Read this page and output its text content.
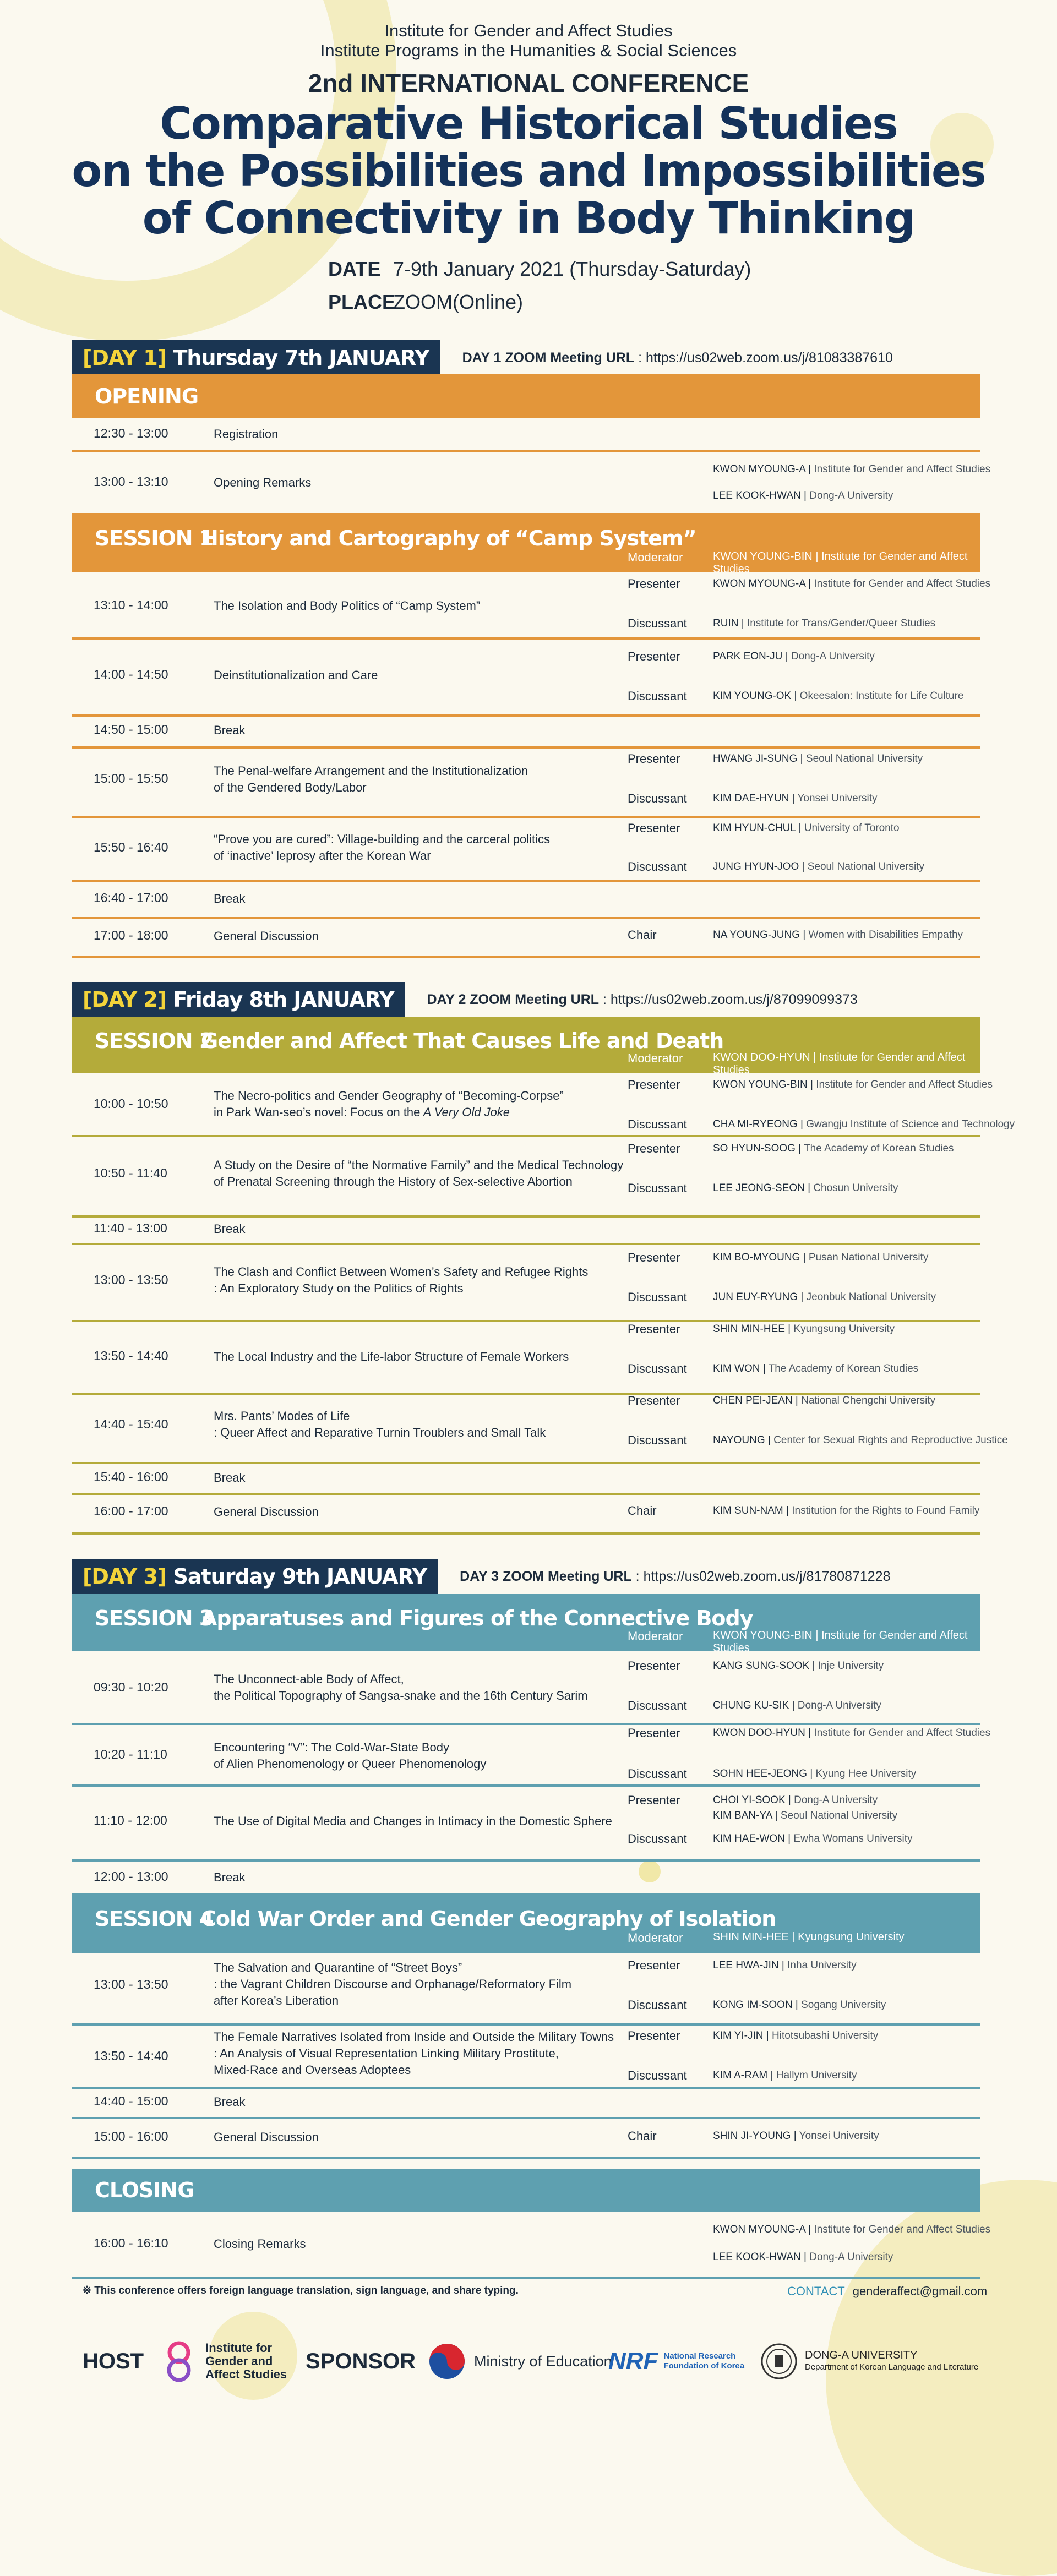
Institute for Gender and Affect Studies
Institute Programs in the Humanities & Social Sciences
2nd INTERNATIONAL CONFERENCE
Comparative Historical Studies
on the Possibilities and Impossibilities
of Connectivity in Body Thinking
DATE 7-9th January 2021 (Thursday-Saturday)
PLACEZOOM(Online)
[DAY 1] Thursday 7th JANUARY	DAY 1 ZOOM Meeting URL : https://us02web.zoom.us/j/81083387610
OPENING
12:30 - 13:00	Registration
13:00 - 13:10	Opening Remarks
KWON MYOUNG-A | Institute for Gender and Affect Studies
LEE KOOK-HWAN | Dong-A University
SESSION 1
History and Cartography of “Camp System”
Moderator	KWON YOUNG-BIN | Institute for Gender and Affect Studies
13:10 - 14:00	The Isolation and Body Politics of “Camp System”
Presenter	KWON MYOUNG-A | Institute for Gender and Affect Studies
Discussant RUIN | Institute for Trans/Gender/Queer Studies
14:00 - 14:50	Deinstitutionalization and Care
Presenter	PARK EON-JU | Dong-A University
Discussant KIM YOUNG-OK | Okeesalon: Institute for Life Culture
14:50 - 15:00	Break
15:00 - 15:50
The Penal-welfare Arrangement and the Institutionalization
of the Gendered Body/Labor
Presenter	HWANG JI-SUNG | Seoul National University
Discussant KIM DAE-HYUN | Yonsei University
15:50 - 16:40
“Prove you are cured”: Village-building and the carceral politics
of ‘inactive’ leprosy after the Korean War
Presenter	KIM HYUN-CHUL | University of Toronto
Discussant JUNG HYUN-JOO | Seoul National University
16:40 - 17:00	Break
17:00 - 18:00	General Discussion	Chair	NA YOUNG-JUNG | Women with Disabilities Empathy
[DAY 2] Friday 8th JANUARY	DAY 2 ZOOM Meeting URL : https://us02web.zoom.us/j/87099099373
SESSION 2
Gender and Affect That Causes Life and Death
Moderator	KWON DOO-HYUN | Institute for Gender and Affect Studies
10:00 - 10:50
The Necro-politics and Gender Geography of “Becoming-Corpse”
in Park Wan-seo’s novel: Focus on the A Very Old Joke
Presenter	KWON YOUNG-BIN | Institute for Gender and Affect Studies
Discussant CHA MI-RYEONG | Gwangju Institute of Science and Technology
10:50 - 11:40
A Study on the Desire of “the Normative Family” and the Medical Technology
of Prenatal Screening through the History of Sex-selective Abortion
Presenter	SO HYUN-SOOG | The Academy of Korean Studies
Discussant LEE JEONG-SEON | Chosun University
11:40 - 13:00	Break
13:00 - 13:50
The Clash and Conflict Between Women’s Safety and Refugee Rights
: An Exploratory Study on the Politics of Rights
Presenter	KIM BO-MYOUNG | Pusan National University
Discussant JUN EUY-RYUNG | Jeonbuk National University
13:50 - 14:40	The Local Industry and the Life-labor Structure of Female Workers
Presenter	SHIN MIN-HEE | Kyungsung University
Discussant KIM WON | The Academy of Korean Studies
14:40 - 15:40
Mrs. Pants’ Modes of Life
: Queer Affect and Reparative Turnin Troublers and Small Talk
Presenter	CHEN PEI-JEAN | National Chengchi University
Discussant NAYOUNG | Center for Sexual Rights and Reproductive Justice
15:40 - 16:00	Break
16:00 - 17:00	General Discussion	Chair	KIM SUN-NAM | Institution for the Rights to Found Family
[DAY 3] Saturday 9th JANUARY	DAY 3 ZOOM Meeting URL : https://us02web.zoom.us/j/81780871228
SESSION 3
Apparatuses and Figures of the Connective Body
Moderator	KWON YOUNG-BIN | Institute for Gender and Affect Studies
09:30 - 10:20
The Unconnect-able Body of Affect,
the Political Topography of Sangsa-snake and the 16th Century Sarim
Presenter	KANG SUNG-SOOK | Inje University
Discussant CHUNG KU-SIK | Dong-A University
10:20 - 11:10	Encountering “V”: The Cold-War-State Body
of Alien Phenomenology or Queer Phenomenology
Presenter	KWON DOO-HYUN | Institute for Gender and Affect Studies
Discussant SOHN HEE-JEONG | Kyung Hee University
11:10 - 12:00	The Use of Digital Media and Changes in Intimacy in the Domestic Sphere
Presenter	CHOI YI-SOOK | Dong-A University
KIM BAN-YA | Seoul National University
Discussant KIM HAE-WON | Ewha Womans University
12:00 - 13:00	Break
SESSION 4
Cold War Order and Gender Geography of Isolation
Moderator	SHIN MIN-HEE | Kyungsung University
13:00 - 13:50
The Salvation and Quarantine of “Street Boys”
: the Vagrant Children Discourse and Orphanage/Reformatory Film
after Korea’s Liberation
Presenter	LEE HWA-JIN | Inha University
Discussant KONG IM-SOON | Sogang University
13:50 - 14:40
The Female Narratives Isolated from Inside and Outside the Military Towns
: An Analysis of Visual Representation Linking Military Prostitute,
Mixed-Race and Overseas Adoptees
Presenter	KIM YI-JIN | Hitotsubashi University
Discussant KIM A-RAM | Hallym University
14:40 - 15:00	Break
15:00 - 16:00	General Discussion	Chair	SHIN JI-YOUNG | Yonsei University
CLOSING
16:00 - 16:10	Closing Remarks
KWON MYOUNG-A | Institute for Gender and Affect Studies
LEE KOOK-HWAN | Dong-A University
※ This conference offers foreign language translation, sign language, and share typing.	CONTACT genderaffect@gmail.com
HOST
Institute for
Gender and
Affect Studies
SPONSOR	Ministry of Education
NRF National Research
Foundation of Korea
DONG-A UNIVERSITY
Department of Korean Language and Literature
